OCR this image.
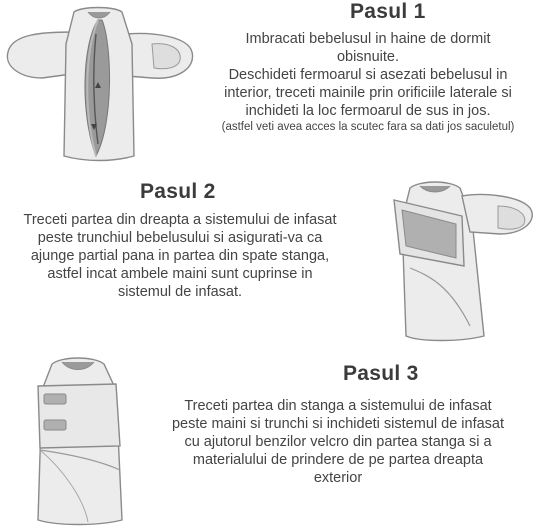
Pasul 1
Imbracati bebelusul in haine de dormit
obisnuite.
Deschideti fermoarul si asezati bebelusul in
interior, treceti mainile prin orificiile laterale si
inchideti la loc fermoarul de sus in jos.
(astfel veti avea acces la scutec fara sa dati jos saculetul)
Pasul 2
Treceti partea din dreapta a sistemului de infasat
peste trunchiul bebelusului si asigurati-va ca
ajunge partial pana in partea din spate stanga,
astfel incat ambele maini sunt cuprinse in
sistemul de infasat.
Pasul 3
Treceti partea din stanga a sistemului de infasat
peste maini si trunchi si inchideti sistemul de infasat
cu ajutorul benzilor velcro din partea stanga si a
materialului de prindere de pe partea dreapta
exterior
